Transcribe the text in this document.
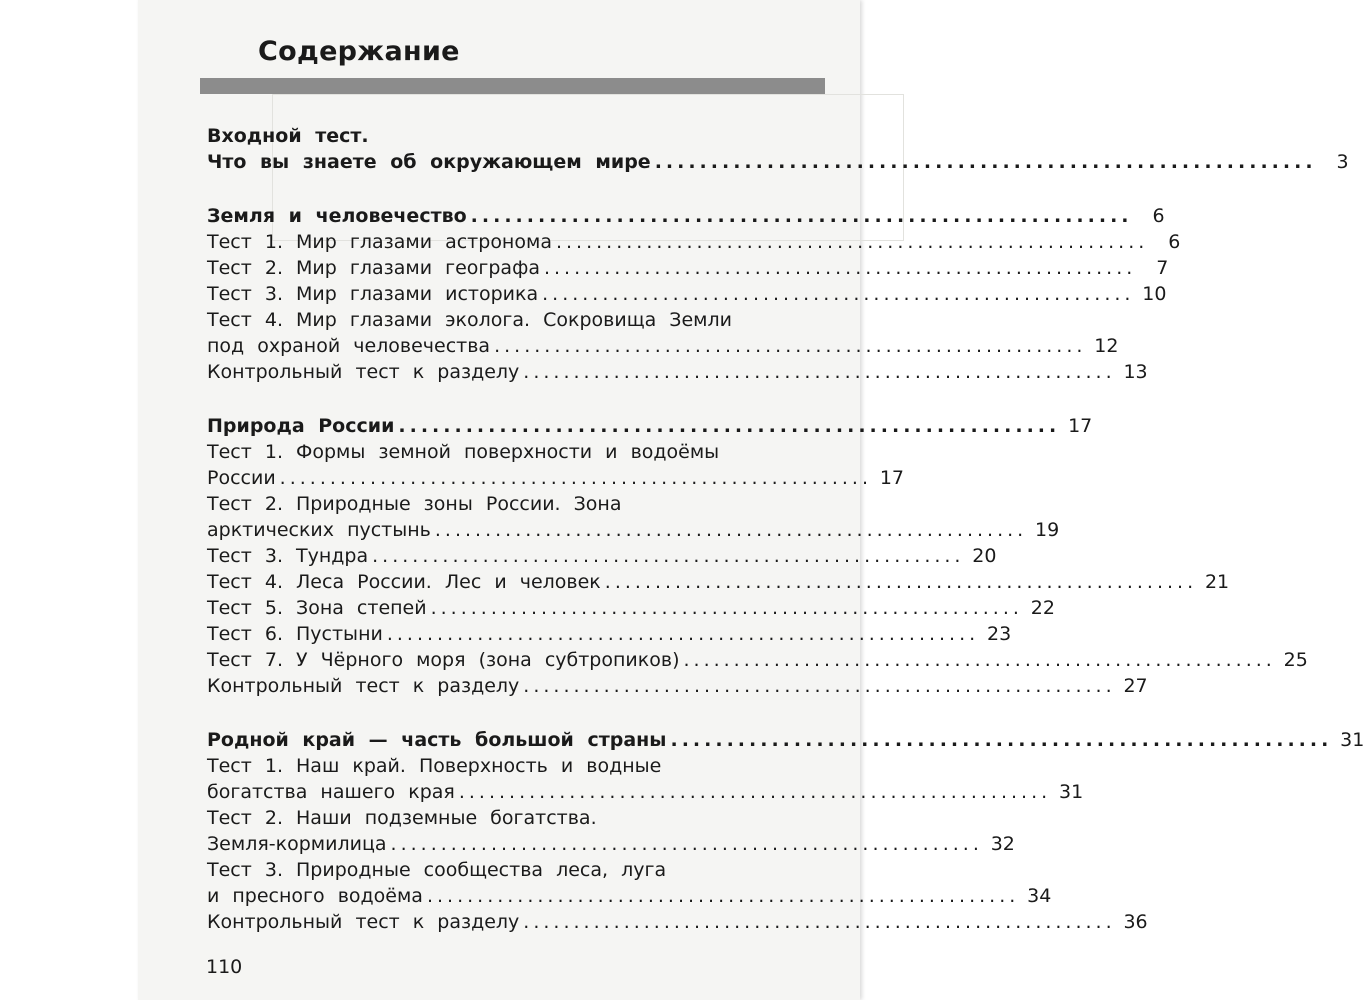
Содержание
Входной тест.
Что вы знаете об окружающем мире ...........................................................	3
Земля и человечество ...........................................................	6
Тест 1. Мир глазами астронома ...........................................................	6
Тест 2. Мир глазами географа ...........................................................	7
Тест 3. Мир глазами историка ........................................................... 10
Тест 4. Мир глазами эколога. Сокровища Земли
под охраной человечества ........................................................... 12
Контрольный тест к разделу ........................................................... 13
Природа России ........................................................... 17
Тест 1. Формы земной поверхности и водоёмы
России ........................................................... 17
Тест 2. Природные зоны России. Зона
арктических пустынь ........................................................... 19
Тест 3. Тундра ........................................................... 20
Тест 4. Леса России. Лес и человек ........................................................... 21
Тест 5. Зона степей ........................................................... 22
Тест 6. Пустыни ........................................................... 23
Тест 7. У Чёрного моря (зона субтропиков) ........................................................... 25
Контрольный тест к разделу ........................................................... 27
Родной край — часть большой страны ........................................................... 31
Тест 1. Наш край. Поверхность и водные
богатства нашего края ........................................................... 31
Тест 2. Наши подземные богатства.
Земля-кормилица ........................................................... 32
Тест 3. Природные сообщества леса, луга
и пресного водоёма ........................................................... 34
Контрольный тест к разделу ........................................................... 36
110
